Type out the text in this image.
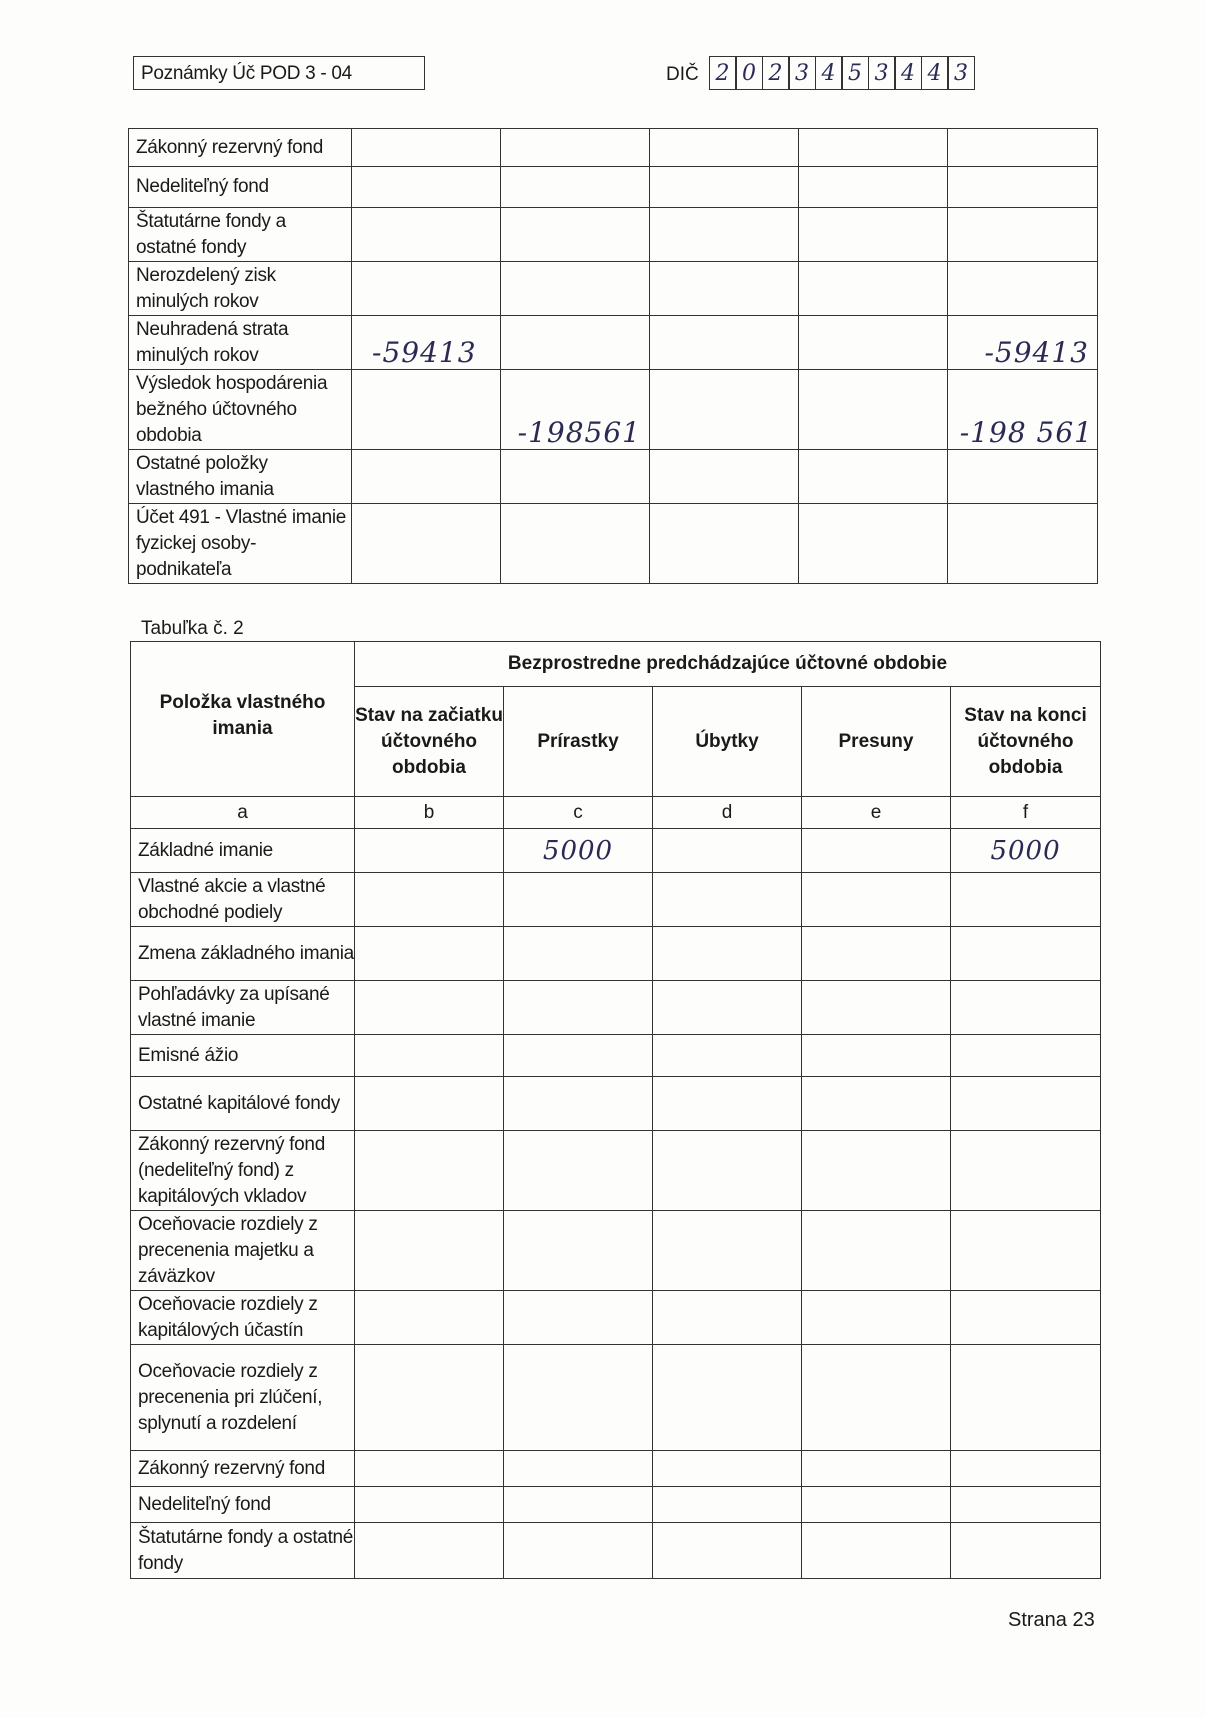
Poznámky Úč POD 3 - 04	DIČ 2 0 2 3 4 5 3 4 4 3
Zákonný rezervný fond					
Nedeliteľný fond					
Štatutárne fondy a ostatné fondy					
Nerozdelený zisk minulých rokov					
Neuhradená strata minulých rokov	-59413				-59413
Výsledok hospodárenia bežného účtovného obdobia		-198561			-198 561
Ostatné položky vlastného imania					
Účet 491 - Vlastné imanie fyzickej osoby-podnikateľa					
Tabuľka č. 2
Položka vlastného imania	Bezprostredne predchádzajúce účtovné obdobie				
	Stav na začiatku účtovného obdobia	Prírastky	Úbytky	Presuny	Stav na konci účtovného obdobia
a	b	c	d	e	f
Základné imanie		5000			5000
Vlastné akcie a vlastné obchodné podiely					
Zmena základného imania					
Pohľadávky za upísané vlastné imanie					
Emisné ážio					
Ostatné kapitálové fondy					
Zákonný rezervný fond (nedeliteľný fond) z kapitálových vkladov					
Oceňovacie rozdiely z precenenia majetku a záväzkov					
Oceňovacie rozdiely z kapitálových účastín					
Oceňovacie rozdiely z precenenia pri zlúčení, splynutí a rozdelení					
Zákonný rezervný fond					
Nedeliteľný fond					
Štatutárne fondy a ostatné fondy					
Strana 23
